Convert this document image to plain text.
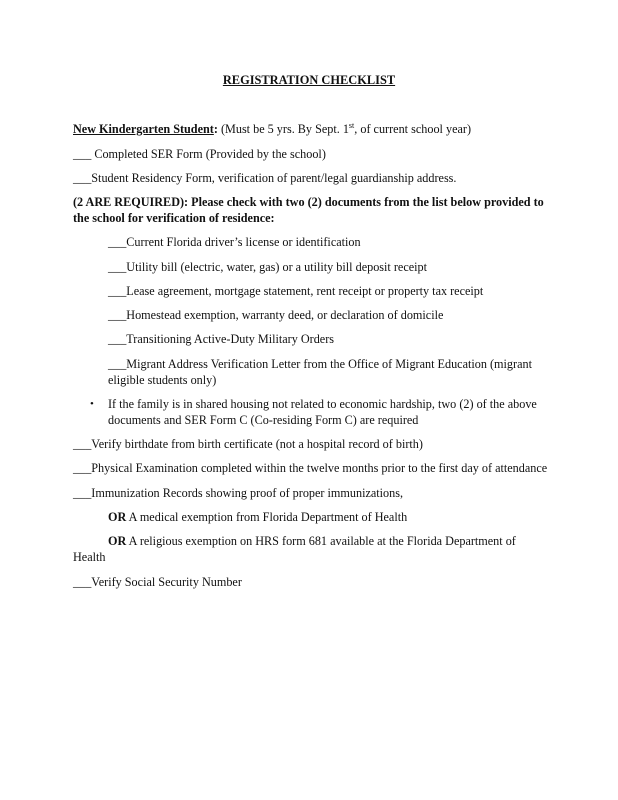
REGISTRATION CHECKLIST
New Kindergarten Student: (Must be 5 yrs. By Sept. 1st, of current school year)
___ Completed SER Form (Provided by the school)
___Student Residency Form, verification of parent/legal guardianship address.
(2 ARE REQUIRED): Please check with two (2) documents from the list below provided to the school for verification of residence:
___Current Florida driver’s license or identification
___Utility bill (electric, water, gas) or a utility bill deposit receipt
___Lease agreement, mortgage statement, rent receipt or property tax receipt
___Homestead exemption, warranty deed, or declaration of domicile
___Transitioning Active-Duty Military Orders
___Migrant Address Verification Letter from the Office of Migrant Education (migrant eligible students only)
• If the family is in shared housing not related to economic hardship, two (2) of the above documents and SER Form C (Co-residing Form C) are required
___Verify birthdate from birth certificate (not a hospital record of birth)
___Physical Examination completed within the twelve months prior to the first day of attendance
___Immunization Records showing proof of proper immunizations,
OR A medical exemption from Florida Department of Health
OR A religious exemption on HRS form 681 available at the Florida Department of
Health
___Verify Social Security Number
